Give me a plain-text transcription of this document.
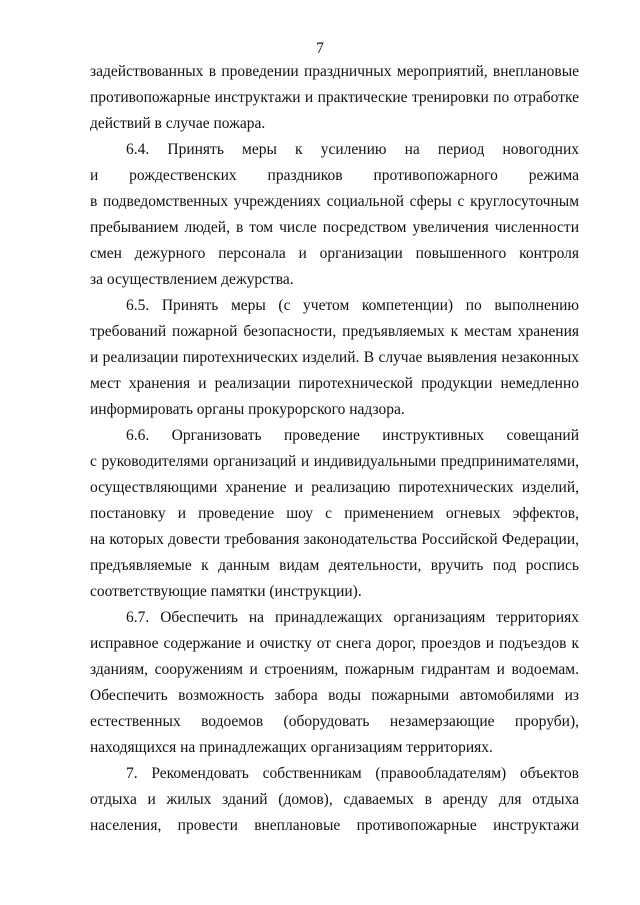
7

задействованных в проведении праздничных мероприятий, внеплановые
противопожарные инструктажи и практические тренировки по отработке
действий в случае пожара.

6.4. Принять меры к усилению на период новогодних
и рождественских праздников противопожарного режима
в подведомственных учреждениях социальной сферы с круглосуточным
пребыванием людей, в том числе посредством увеличения численности
смен дежурного персонала и организации повышенного контроля
за осуществлением дежурства.

6.5. Принять меры (с учетом компетенции) по выполнению
требований пожарной безопасности, предъявляемых к местам хранения
и реализации пиротехнических изделий. В случае выявления незаконных
мест хранения и реализации пиротехнической продукции немедленно
информировать органы прокурорского надзора.

6.6. Организовать проведение инструктивных совещаний
с руководителями организаций и индивидуальными предпринимателями,
осуществляющими хранение и реализацию пиротехнических изделий,
постановку и проведение шоу с применением огневых эффектов,
на которых довести требования законодательства Российской Федерации,
предъявляемые к данным видам деятельности, вручить под роспись
соответствующие памятки (инструкции).

6.7. Обеспечить на принадлежащих организациям территориях
исправное содержание и очистку от снега дорог, проездов и подъездов к
зданиям, сооружениям и строениям, пожарным гидрантам и водоемам.
Обеспечить возможность забора воды пожарными автомобилями из
естественных водоемов (оборудовать незамерзающие проруби),
находящихся на принадлежащих организациям территориях.

7. Рекомендовать собственникам (правообладателям) объектов
отдыха и жилых зданий (домов), сдаваемых в аренду для отдыха
населения, провести внеплановые противопожарные инструктажи
